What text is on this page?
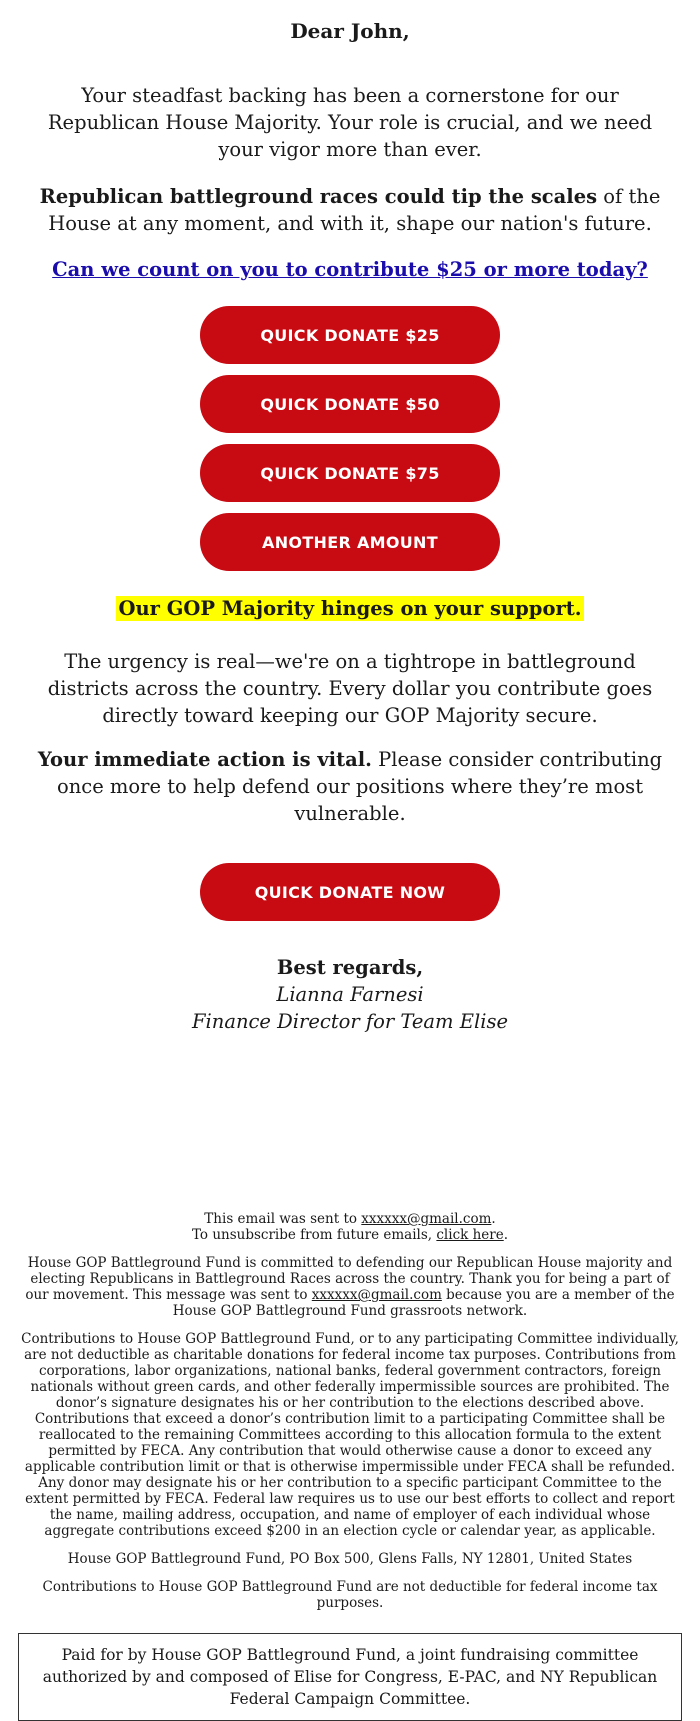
Dear John,

Your steadfast backing has been a cornerstone for our Republican House Majority. Your role is crucial, and we need your vigor more than ever.

Republican battleground races could tip the scales of the House at any moment, and with it, shape our nation's future.

Can we count on you to contribute $25 or more today?
QUICK DONATE $25
QUICK DONATE $50
QUICK DONATE $75
ANOTHER AMOUNT
Our GOP Majority hinges on your support.

The urgency is real—we're on a tightrope in battleground districts across the country. Every dollar you contribute goes directly toward keeping our GOP Majority secure.

Your immediate action is vital. Please consider contributing once more to help defend our positions where they’re most vulnerable.

QUICK DONATE NOW
Best regards,
Lianna Farnesi
Finance Director for Team Elise

This email was sent to xxxxxx@gmail.com.
To unsubscribe from future emails, click here.

House GOP Battleground Fund is committed to defending our Republican House majority and electing Republicans in Battleground Races across the country. Thank you for being a part of our movement. This message was sent to xxxxxx@gmail.com because you are a member of the House GOP Battleground Fund grassroots network.

Contributions to House GOP Battleground Fund, or to any participating Committee individually, are not deductible as charitable donations for federal income tax purposes. Contributions from corporations, labor organizations, national banks, federal government contractors, foreign nationals without green cards, and other federally impermissible sources are prohibited. The donor’s signature designates his or her contribution to the elections described above. Contributions that exceed a donor’s contribution limit to a participating Committee shall be reallocated to the remaining Committees according to this allocation formula to the extent permitted by FECA. Any contribution that would otherwise cause a donor to exceed any applicable contribution limit or that is otherwise impermissible under FECA shall be refunded. Any donor may designate his or her contribution to a specific participant Committee to the extent permitted by FECA. Federal law requires us to use our best efforts to collect and report the name, mailing address, occupation, and name of employer of each individual whose aggregate contributions exceed $200 in an election cycle or calendar year, as applicable.

House GOP Battleground Fund, PO Box 500, Glens Falls, NY 12801, United States

Contributions to House GOP Battleground Fund are not deductible for federal income tax purposes.

Paid for by House GOP Battleground Fund, a joint fundraising committee authorized by and composed of Elise for Congress, E-PAC, and NY Republican Federal Campaign Committee.
